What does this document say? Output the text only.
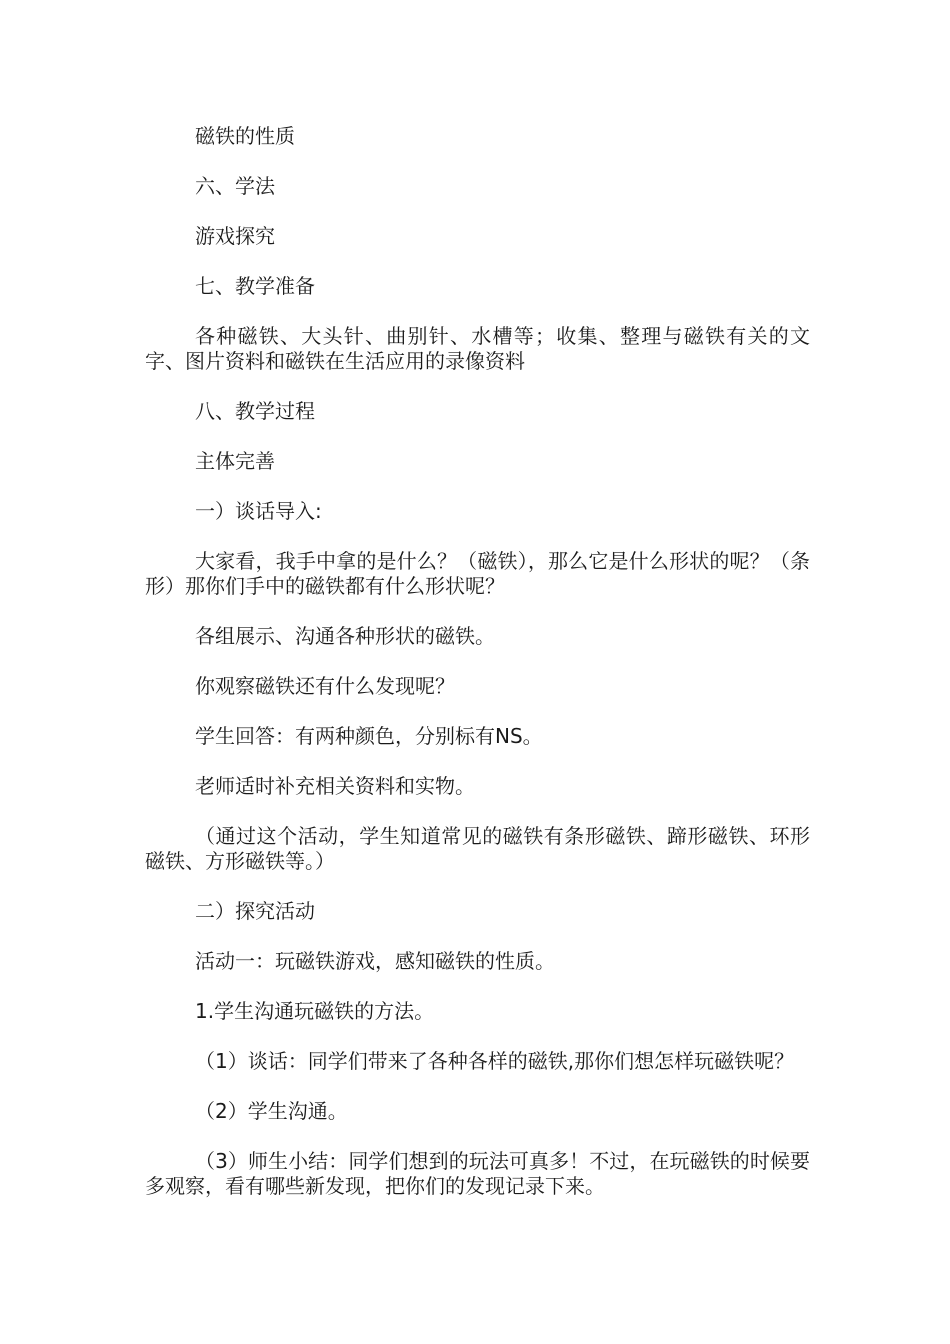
磁铁的性质

六、学法

游戏探究

七、教学准备

各种磁铁、大头针、曲别针、水槽等；收集、整理与磁铁有关的文字、图片资料和磁铁在生活应用的录像资料

八、教学过程

主体完善

一）谈话导入:

大家看，我手中拿的是什么？（磁铁），那么它是什么形状的呢？（条形）那你们手中的磁铁都有什么形状呢？

各组展示、沟通各种形状的磁铁。

你观察磁铁还有什么发现呢？

学生回答：有两种颜色，分别标有NS。

老师适时补充相关资料和实物。

（通过这个活动，学生知道常见的磁铁有条形磁铁、蹄形磁铁、环形磁铁、方形磁铁等。）

二）探究活动

活动一：玩磁铁游戏，感知磁铁的性质。

1.学生沟通玩磁铁的方法。

（1）谈话：同学们带来了各种各样的磁铁,那你们想怎样玩磁铁呢？

（2）学生沟通。

（3）师生小结：同学们想到的玩法可真多！不过，在玩磁铁的时候要多观察，看有哪些新发现，把你们的发现记录下来。
